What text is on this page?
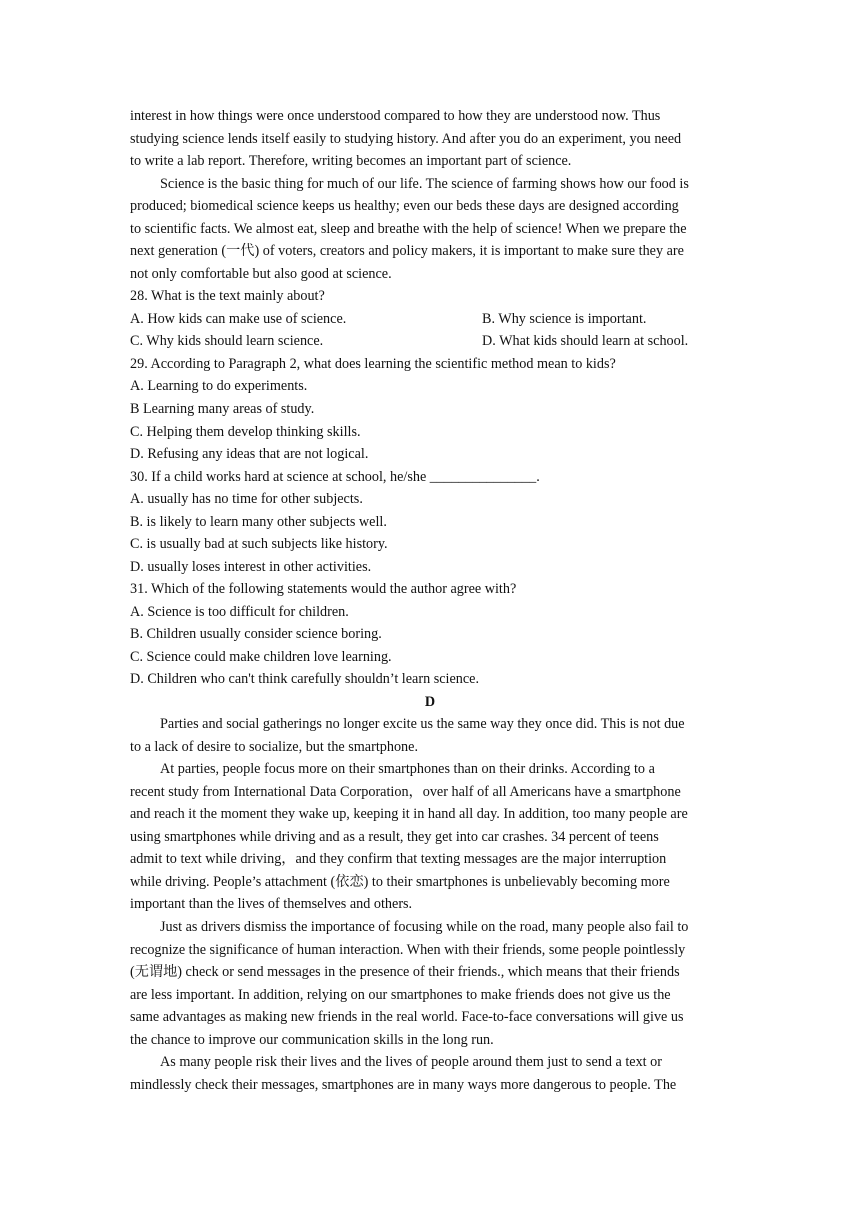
interest in how things were once understood compared to how they are understood now. Thus
studying science lends itself easily to studying history. And after you do an experiment, you need
to write a lab report. Therefore, writing becomes an important part of science.
Science is the basic thing for much of our life. The science of farming shows how our food is
produced; biomedical science keeps us healthy; even our beds these days are designed according
to scientific facts. We almost eat, sleep and breathe with the help of science! When we prepare the
next generation (一代) of voters, creators and policy makers, it is important to make sure they are
not only comfortable but also good at science.
28. What is the text mainly about?
A. How kids can make use of science.	B. Why science is important.
C. Why kids should learn science.	D. What kids should learn at school.
29. According to Paragraph 2, what does learning the scientific method mean to kids?
A. Learning to do experiments.
B Learning many areas of study.
C. Helping them develop thinking skills.
D. Refusing any ideas that are not logical.
30. If a child works hard at science at school, he/she _______________.
A. usually has no time for other subjects.
B. is likely to learn many other subjects well.
C. is usually bad at such subjects like history.
D. usually loses interest in other activities.
31. Which of the following statements would the author agree with?
A. Science is too difficult for children.
B. Children usually consider science boring.
C. Science could make children love learning.
D. Children who can't think carefully shouldn’t learn science.
D
Parties and social gatherings no longer excite us the same way they once did. This is not due
to a lack of desire to socialize, but the smartphone.
At parties, people focus more on their smartphones than on their drinks. According to a
recent study from International Data Corporation，over half of all Americans have a smartphone
and reach it the moment they wake up, keeping it in hand all day. In addition, too many people are
using smartphones while driving and as a result, they get into car crashes. 34 percent of teens
admit to text while driving，and they confirm that texting messages are the major interruption
while driving. People’s attachment (依恋) to their smartphones is unbelievably becoming more
important than the lives of themselves and others.
Just as drivers dismiss the importance of focusing while on the road, many people also fail to
recognize the significance of human interaction. When with their friends, some people pointlessly
(无谓地) check or send messages in the presence of their friends., which means that their friends
are less important. In addition, relying on our smartphones to make friends does not give us the
same advantages as making new friends in the real world. Face-to-face conversations will give us
the chance to improve our communication skills in the long run.
As many people risk their lives and the lives of people around them just to send a text or
mindlessly check their messages, smartphones are in many ways more dangerous to people. The
